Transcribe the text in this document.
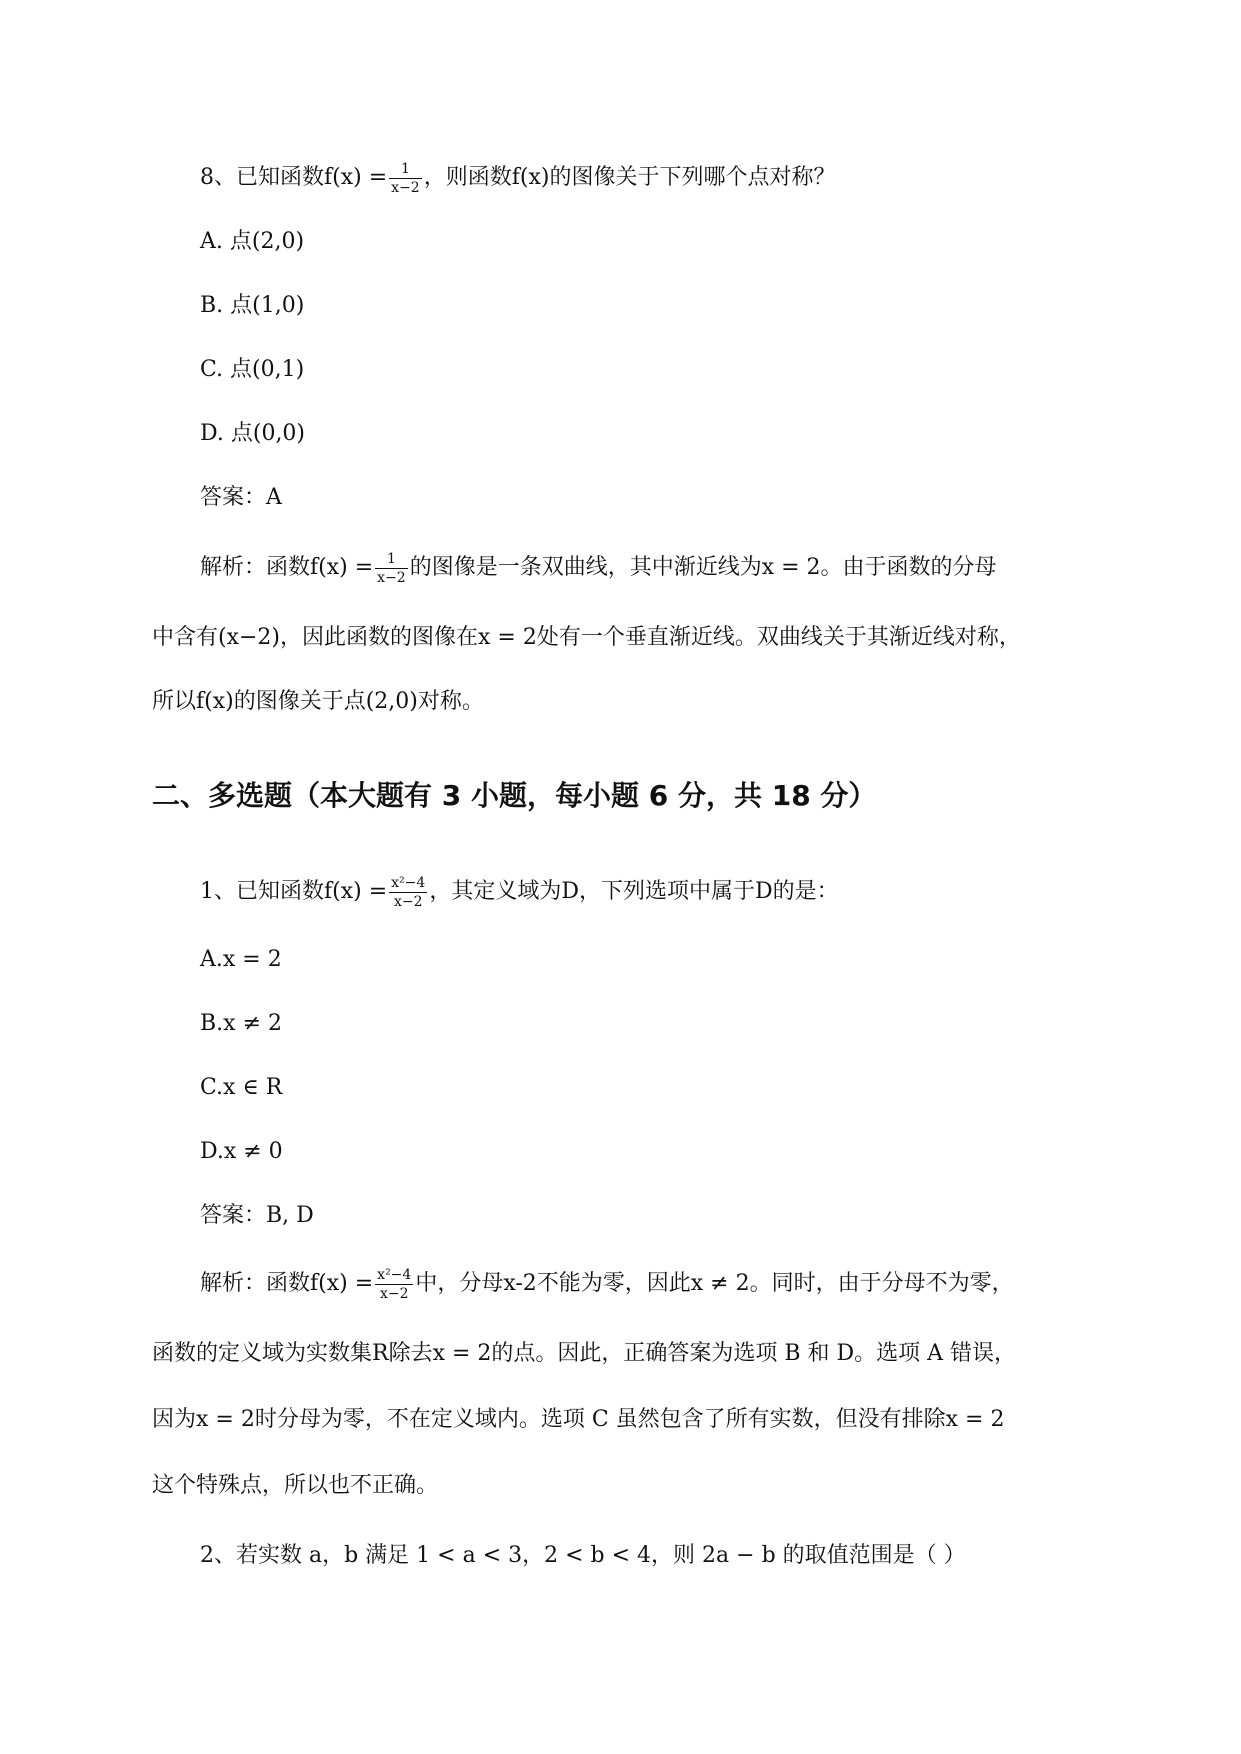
8、已知函数$f(x) = \frac{1}{x-2}$ ，则函数f(x)的图像关于下列哪个点对称？
A. 点(2,0)
B. 点(1,0)
C. 点(0,1)
D. 点(0,0)
答案：A
解析：函数$f(x) = \frac{1}{x-2}$ 的图像是一条双曲线，其中渐近线为x = 2。由于函数的分母
中含有(x−2)，因此函数的图像在x = 2处有一个垂直渐近线。双曲线关于其渐近线对称，
所以f(x)的图像关于点(2,0)对称。
二、多选题（本大题有 3 小题，每小题 6 分，共 18 分）
1、已知函数$f(x) = \frac{\text{x²−4}}{x-2}$ ，其定义域为D，下列选项中属于D的是：
A.x = 2
B.x ≠ 2
C.x ∈ R
D.x ≠ 0
答案：B, D
解析：函数$f(x) = \frac{\text{x²−4}}{x-2}$ 中，分母x-2不能为零，因此x ≠ 2。同时，由于分母不为零，
函数的定义域为实数集R除去x = 2的点。因此，正确答案为选项 B 和 D。选项 A 错误，
因为x = 2时分母为零，不在定义域内。选项 C 虽然包含了所有实数，但没有排除x = 2
这个特殊点，所以也不正确。
2、若实数 a，b 满足 1 < a < 3，2 < b < 4，则 2a − b 的取值范围是（ ）
